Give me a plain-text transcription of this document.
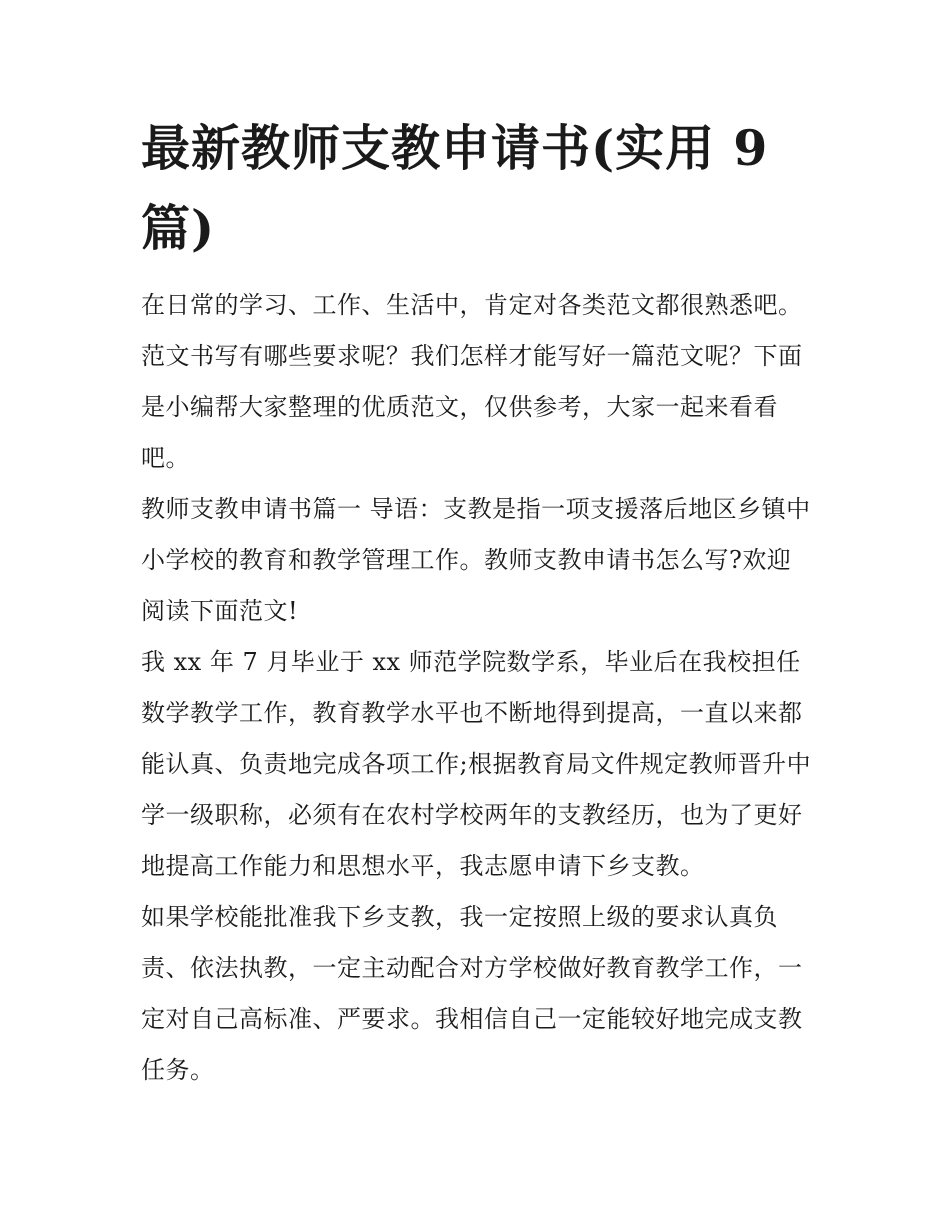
最新教师支教申请书(实用 9 篇)

在日常的学习、工作、生活中，肯定对各类范文都很熟悉吧。范文书写有哪些要求呢？我们怎样才能写好一篇范文呢？下面是小编帮大家整理的优质范文，仅供参考，大家一起来看看吧。

教师支教申请书篇一 导语：支教是指一项支援落后地区乡镇中小学校的教育和教学管理工作。教师支教申请书怎么写?欢迎阅读下面范文!

我 xx 年 7 月毕业于 xx 师范学院数学系，毕业后在我校担任数学教学工作，教育教学水平也不断地得到提高，一直以来都能认真、负责地完成各项工作;根据教育局文件规定教师晋升中学一级职称，必须有在农村学校两年的支教经历，也为了更好地提高工作能力和思想水平，我志愿申请下乡支教。

如果学校能批准我下乡支教，我一定按照上级的要求认真负责、依法执教，一定主动配合对方学校做好教育教学工作，一定对自己高标准、严要求。我相信自己一定能较好地完成支教任务。
